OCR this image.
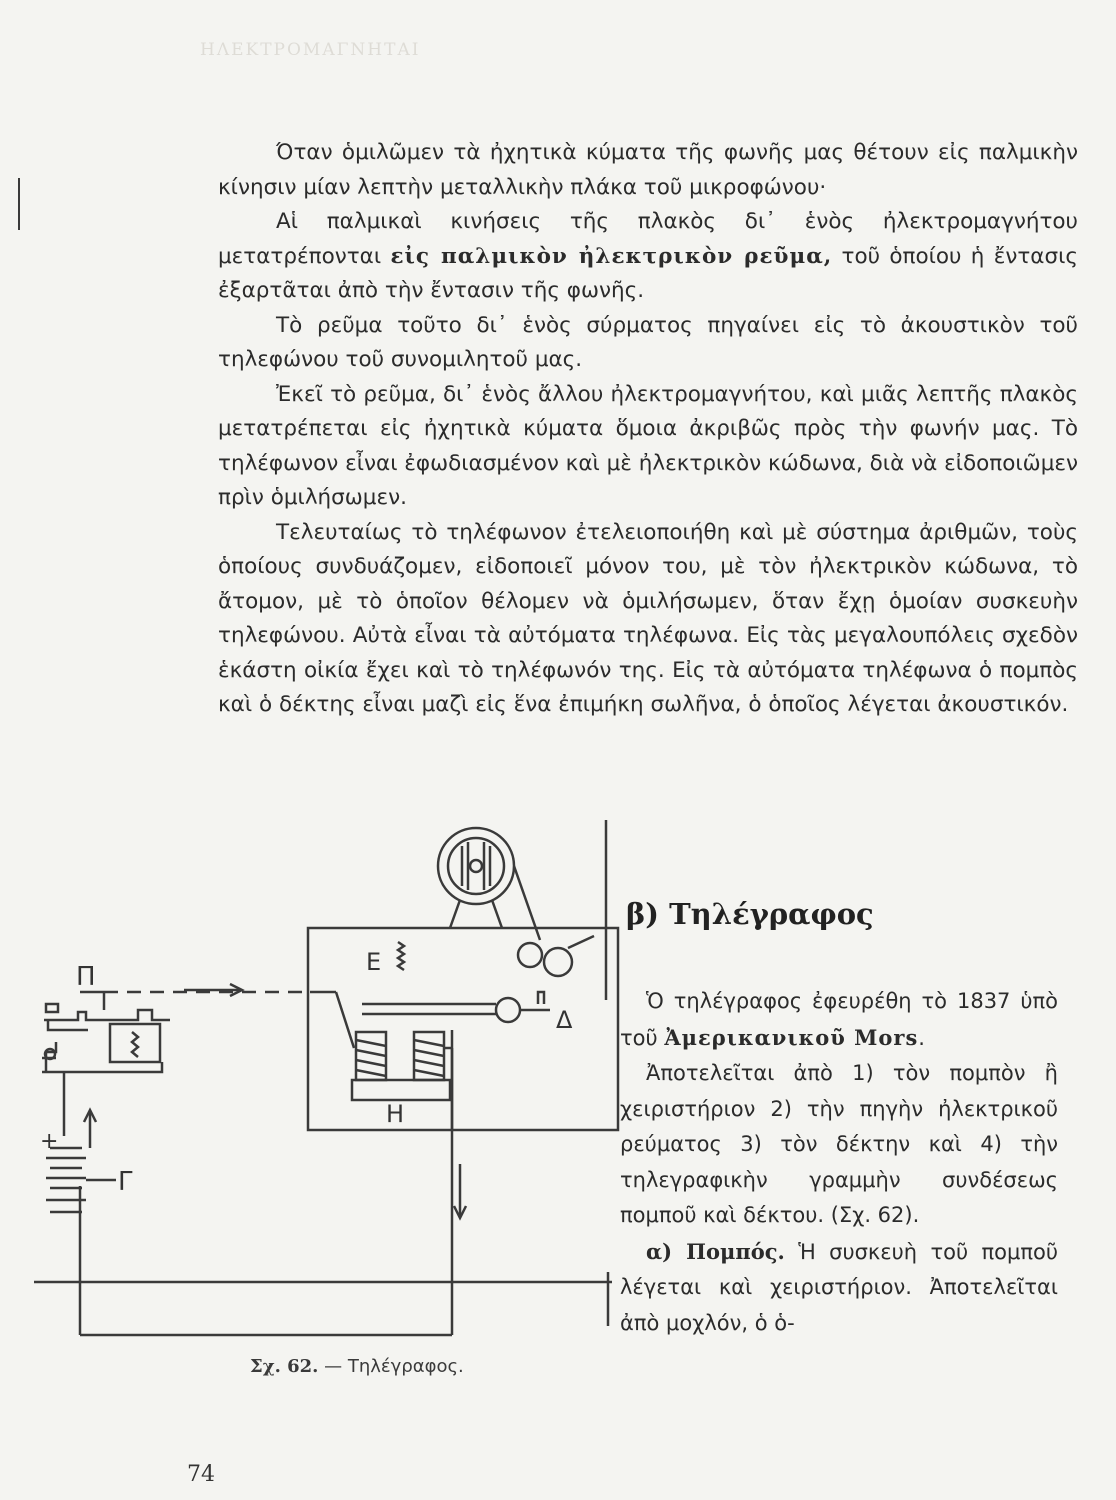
ΗΛΕΚΤΡΟΜΑΓΝΗΤΑΙ

Όταν ὁμιλῶμεν τὰ ἠχητικὰ κύματα τῆς φωνῆς μας θέτουν εἰς παλμικὴν κίνησιν μίαν λεπτὴν μεταλλικὴν πλάκα τοῦ μικροφώνου·

Αἱ παλμικαὶ κινήσεις τῆς πλακὸς δι᾽ ἑνὸς ἠλεκτρομαγνήτου μετατρέπονται εἰς παλμικὸν ἠλεκτρικὸν ρεῦμα, τοῦ ὁποίου ἡ ἔντασις ἐξαρτᾶται ἀπὸ τὴν ἔντασιν τῆς φωνῆς.

Τὸ ρεῦμα τοῦτο δι᾽ ἑνὸς σύρματος πηγαίνει εἰς τὸ ἀκουστικὸν τοῦ τηλεφώνου τοῦ συνομιλητοῦ μας.

Ἐκεῖ τὸ ρεῦμα, δι᾽ ἑνὸς ἄλλου ἠλεκτρομαγνήτου, καὶ μιᾶς λεπτῆς πλακὸς μετατρέπεται εἰς ἠχητικὰ κύματα ὅμοια ἀκριβῶς πρὸς τὴν φωνήν μας. Τὸ τηλέφωνον εἶναι ἐφωδιασμένον καὶ μὲ ἠλεκτρικὸν κώδωνα, διὰ νὰ εἰδοποιῶμεν πρὶν ὁμιλήσωμεν.

Τελευταίως τὸ τηλέφωνον ἐτελειοποιήθη καὶ μὲ σύστημα ἀριθμῶν, τοὺς ὁποίους συνδυάζομεν, εἰδοποιεῖ μόνον του, μὲ τὸν ἠλεκτρικὸν κώδωνα, τὸ ἄτομον, μὲ τὸ ὁποῖον θέλομεν νὰ ὁμιλήσωμεν, ὅταν ἔχῃ ὁμοίαν συσκευὴν τηλεφώνου. Αὐτὰ εἶναι τὰ αὐτόματα τηλέφωνα. Εἰς τὰς μεγαλουπόλεις σχεδὸν ἑκάστη οἰκία ἔχει καὶ τὸ τηλέφωνόν της. Εἰς τὰ αὐτόματα τηλέφωνα ὁ πομπὸς καὶ ὁ δέκτης εἶναι μαζὶ εἰς ἕνα ἐπιμήκη σωλῆνα, ὁ ὁποῖος λέγεται ἀκουστικόν.

Π
+
Γ
Ε
Δ
Η
Σχ. 62. — Τηλέγραφος.
β) Τηλέγραφος

Ὁ τηλέγραφος ἐφευρέθη τὸ 1837 ὑπὸ τοῦ Ἀμερικανικοῦ Mors.

Ἀποτελεῖται ἀπὸ 1) τὸν πομπὸν ἢ χειριστήριον 2) τὴν πηγὴν ἠλεκτρικοῦ ρεύματος 3) τὸν δέκτην καὶ 4) τὴν τηλεγραφικὴν γραμμὴν συνδέσεως πομποῦ καὶ δέκτου. (Σχ. 62).

α) Πομπός. Ἡ συσκευὴ τοῦ πομποῦ λέγεται καὶ χειριστήριον. Ἀποτελεῖται ἀπὸ μοχλόν, ὁ ὁ-

74
